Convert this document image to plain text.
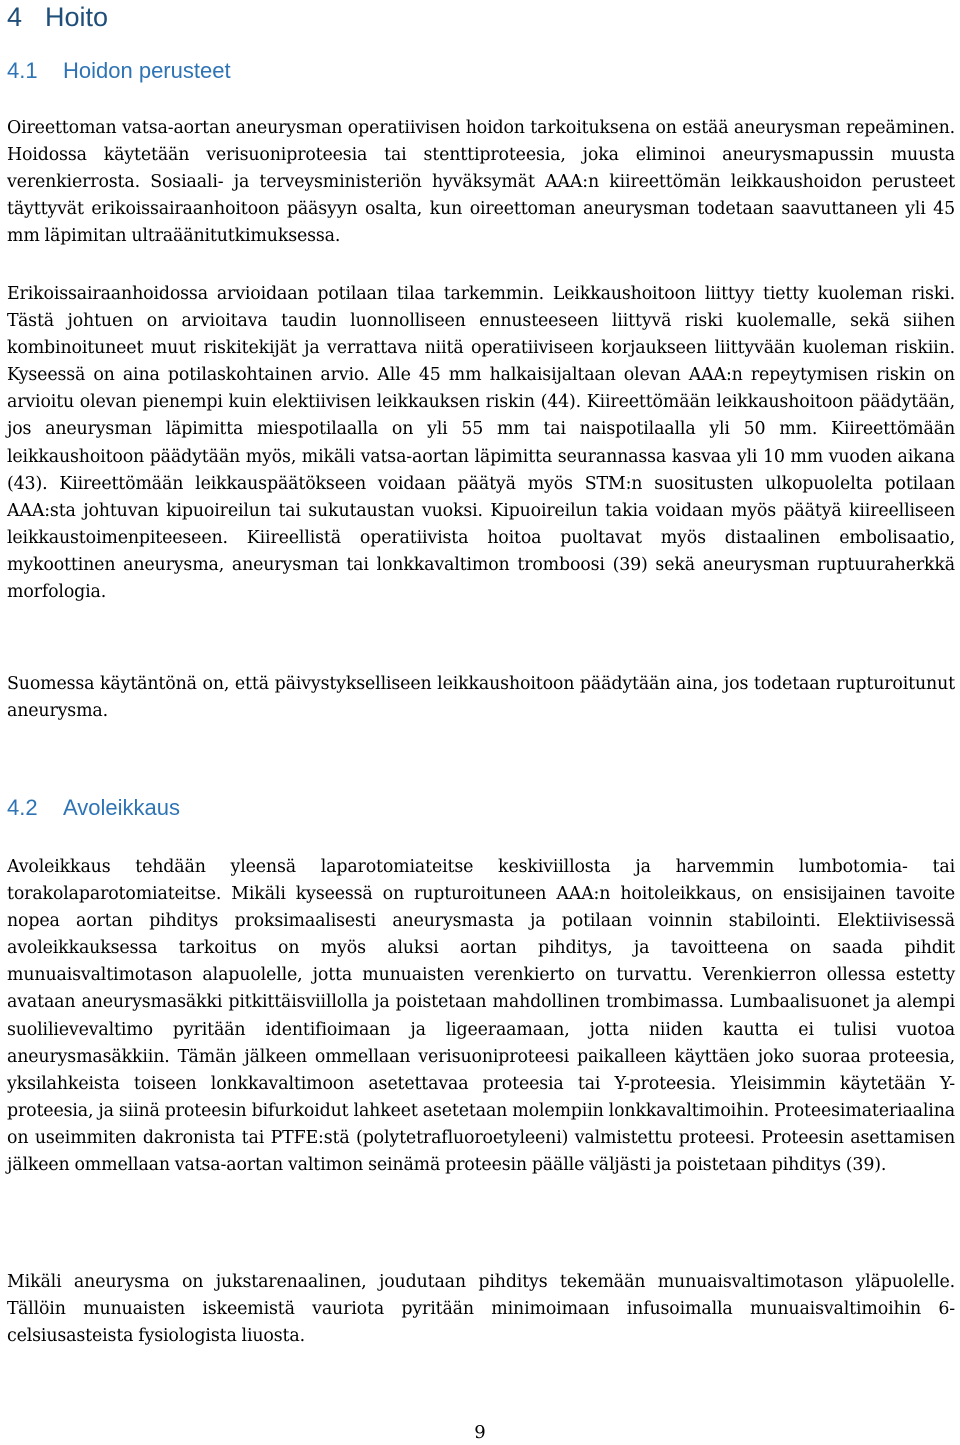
4 Hoito
4.1 Hoidon perusteet

Oireettoman vatsa-aortan aneurysman operatiivisen hoidon tarkoituksena on estää aneurysman repeäminen. Hoidossa käytetään verisuoniproteesia tai stenttiproteesia, joka eliminoi aneurysmapussin muusta verenkierrosta. Sosiaali- ja terveysministeriön hyväksymät AAA:n kiireettömän leikkaushoidon perusteet täyttyvät erikoissairaanhoitoon pääsyyn osalta, kun oireettoman aneurysman todetaan saavuttaneen yli 45 mm läpimitan ultraäänitutkimuksessa.

Erikoissairaanhoidossa arvioidaan potilaan tilaa tarkemmin. Leikkaushoitoon liittyy tietty kuoleman riski. Tästä johtuen on arvioitava taudin luonnolliseen ennusteeseen liittyvä riski kuolemalle, sekä siihen kombinoituneet muut riskitekijät ja verrattava niitä operatiiviseen korjaukseen liittyvään kuoleman riskiin. Kyseessä on aina potilaskohtainen arvio. Alle 45 mm halkaisijaltaan olevan AAA:n repeytymisen riskin on arvioitu olevan pienempi kuin elektiivisen leikkauksen riskin (44). Kiireettömään leikkaushoitoon päädytään, jos aneurysman läpimitta miespotilaalla on yli 55 mm tai naispotilaalla yli 50 mm. Kiireettömään leikkaushoitoon päädytään myös, mikäli vatsa-aortan läpimitta seurannassa kasvaa yli 10 mm vuoden aikana (43). Kiireettömään leikkauspäätökseen voidaan päätyä myös STM:n suositusten ulkopuolelta potilaan AAA:sta johtuvan kipuoireilun tai sukutaustan vuoksi. Kipuoireilun takia voidaan myös päätyä kiireelliseen leikkaustoimenpiteeseen. Kiireellistä operatiivista hoitoa puoltavat myös distaalinen embolisaatio, mykoottinen aneurysma, aneurysman tai lonkkavaltimon tromboosi (39) sekä aneurysman ruptuuraherkkä morfologia.

Suomessa käytäntönä on, että päivystykselliseen leikkaushoitoon päädytään aina, jos todetaan rupturoitunut aneurysma.

4.2 Avoleikkaus

Avoleikkaus tehdään yleensä laparotomiateitse keskiviillosta ja harvemmin lumbotomia- tai torakolaparotomiateitse. Mikäli kyseessä on rupturoituneen AAA:n hoitoleikkaus, on ensisijainen tavoite nopea aortan pihditys proksimaalisesti aneurysmasta ja potilaan voinnin stabilointi. Elektiivisessä avoleikkauksessa tarkoitus on myös aluksi aortan pihditys, ja tavoitteena on saada pihdit munuaisvaltimotason alapuolelle, jotta munuaisten verenkierto on turvattu. Verenkierron ollessa estetty avataan aneurysmasäkki pitkittäisviillolla ja poistetaan mahdollinen trombimassa. Lumbaalisuonet ja alempi suolilievevaltimo pyritään identifioimaan ja ligeeraamaan, jotta niiden kautta ei tulisi vuotoa aneurysmasäkkiin. Tämän jälkeen ommellaan verisuoniproteesi paikalleen käyttäen joko suoraa proteesia, yksilahkeista toiseen lonkkavaltimoon asetettavaa proteesia tai Y-proteesia. Yleisimmin käytetään Y-proteesia, ja siinä proteesin bifurkoidut lahkeet asetetaan molempiin lonkkavaltimoihin. Proteesimateriaalina on useimmiten dakronista tai PTFE:stä (polytetrafluoroetyleeni) valmistettu proteesi. Proteesin asettamisen jälkeen ommellaan vatsa-aortan valtimon seinämä proteesin päälle väljästi ja poistetaan pihditys (39).

Mikäli aneurysma on jukstarenaalinen, joudutaan pihditys tekemään munuaisvaltimotason yläpuolelle. Tällöin munuaisten iskeemistä vauriota pyritään minimoimaan infusoimalla munuaisvaltimoihin 6-celsiusasteista fysiologista liuosta.

9
